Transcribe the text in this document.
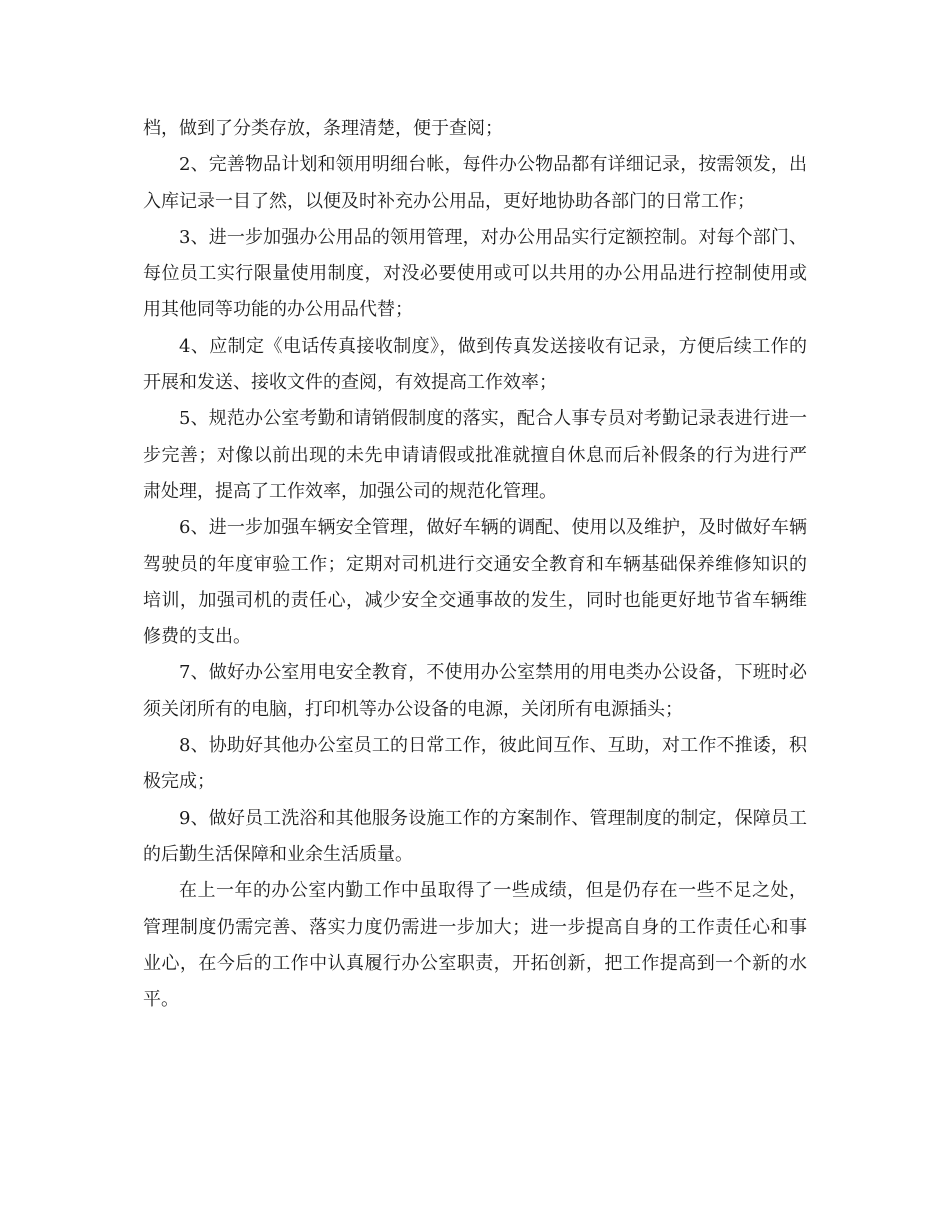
档，做到了分类存放，条理清楚，便于查阅；

2、完善物品计划和领用明细台帐，每件办公物品都有详细记录，按需领发，出入库记录一目了然，以便及时补充办公用品，更好地协助各部门的日常工作；

3、进一步加强办公用品的领用管理，对办公用品实行定额控制。对每个部门、每位员工实行限量使用制度，对没必要使用或可以共用的办公用品进行控制使用或用其他同等功能的办公用品代替；

4、应制定《电话传真接收制度》，做到传真发送接收有记录，方便后续工作的开展和发送、接收文件的查阅，有效提高工作效率；

5、规范办公室考勤和请销假制度的落实，配合人事专员对考勤记录表进行进一步完善；对像以前出现的未先申请请假或批准就擅自休息而后补假条的行为进行严肃处理，提高了工作效率，加强公司的规范化管理。

6、进一步加强车辆安全管理，做好车辆的调配、使用以及维护，及时做好车辆驾驶员的年度审验工作；定期对司机进行交通安全教育和车辆基础保养维修知识的培训，加强司机的责任心，减少安全交通事故的发生，同时也能更好地节省车辆维修费的支出。

7、做好办公室用电安全教育，不使用办公室禁用的用电类办公设备，下班时必须关闭所有的电脑，打印机等办公设备的电源，关闭所有电源插头；

8、协助好其他办公室员工的日常工作，彼此间互作、互助，对工作不推诿，积极完成；

9、做好员工洗浴和其他服务设施工作的方案制作、管理制度的制定，保障员工的后勤生活保障和业余生活质量。

在上一年的办公室内勤工作中虽取得了一些成绩，但是仍存在一些不足之处，管理制度仍需完善、落实力度仍需进一步加大；进一步提高自身的工作责任心和事业心，在今后的工作中认真履行办公室职责，开拓创新，把工作提高到一个新的水平。
